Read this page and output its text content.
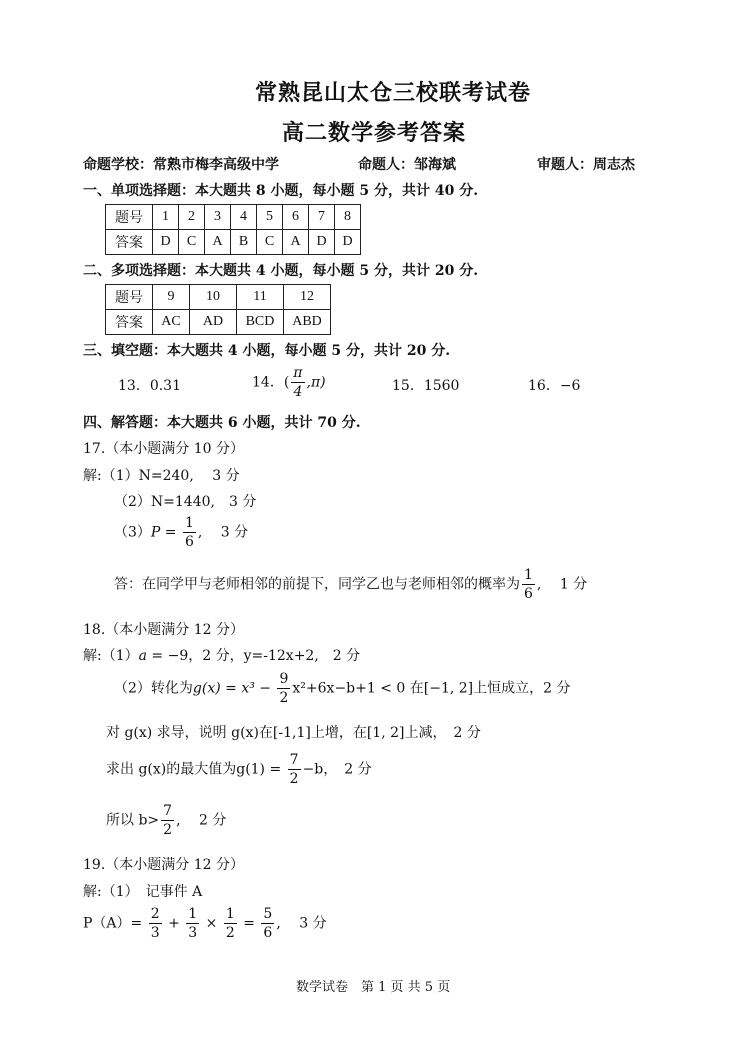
常熟昆山太仓三校联考试卷
高二数学参考答案
命题学校：常熟市梅李高级中学	命题人：邹海斌	审题人：周志杰
一、单项选择题：本大题共 8 小题，每小题 5 分，共计 40 分.
题号	1	2	3	4	5	6	7	8
答案	D	C	A	B	C	A	D	D
二、多项选择题：本大题共 4 小题，每小题 5 分，共计 20 分.
题号	9	10	11	12
答案	AC	AD	BCD	ABD
三、填空题：本大题共 4 小题，每小题 5 分，共计 20 分.
13．0.31	14．( $\frac{\pi}{4} ,\pi$)	15．1560	16．−6
四、解答题：本大题共 6 小题，共计 70 分.
17.（本小题满分 10 分）
解:（1）N=240,　 3 分
（2）N=1440,　3 分
$(3)P = \frac{1}{6}$ ,　 3 分
答：在同学甲与老师相邻的前提下，同学乙也与老师相邻的概率为 $\frac{1}{6}$ ,　 1 分
18.（本小题满分 12 分）
解:（1）a = −9，2 分，y=-12x+2,　2 分
（2）转化为$g(x) = x^3 - \frac{9}{2} x^2+6x-b+1 < 0$ 在[−1, 2]上恒成立，2 分
对 g(x) 求导，说明 g(x)在[-1,1]上增，在[1, 2]上减，　2 分
求出 g(x)的最大值为$g(1) = \frac{7}{2} -b$，　2 分
所以 $b> \frac{7}{2}$ ,　 2 分
19.（本小题满分 12 分）
解:（1）　记事件 A
$P(A)= \frac{2}{3} + \frac{1}{3} \times \frac{1}{2} = \frac{5}{6}$ ,　 3 分
数学试卷　第 1 页 共 5 页
